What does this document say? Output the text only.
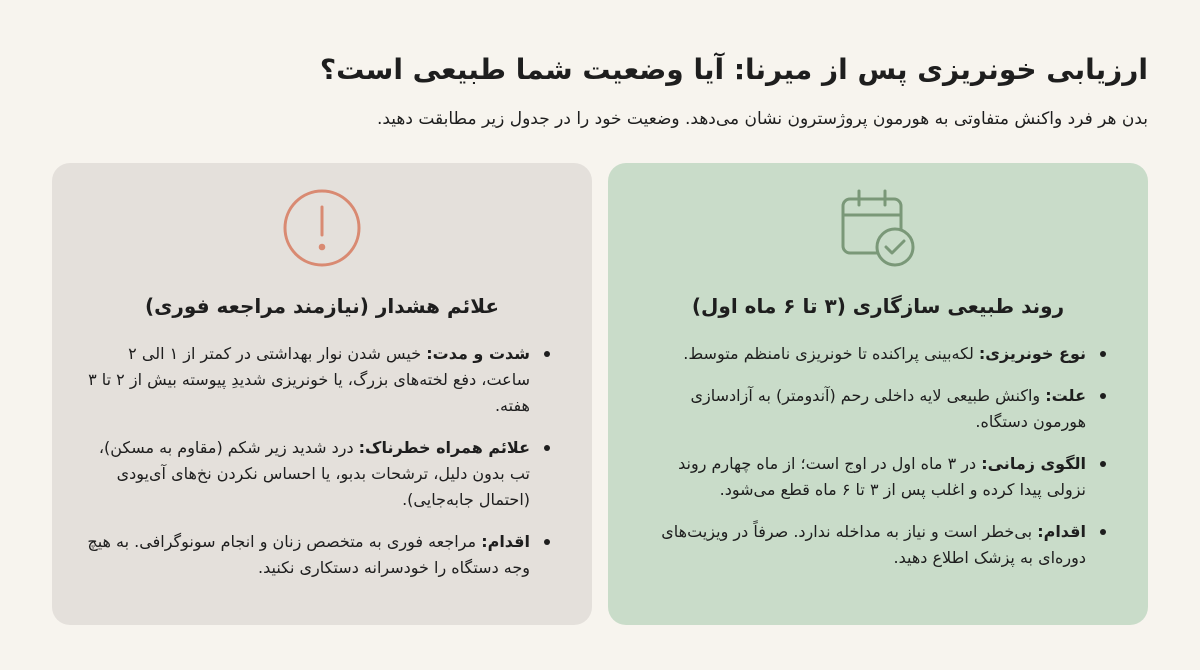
ارزیابی خونریزی پس از میرنا: آیا وضعیت شما طبیعی است؟

بدن هر فرد واکنش متفاوتی به هورمون پروژسترون نشان می‌دهد. وضعیت خود را در جدول زیر مطابقت دهید.

روند طبیعی سازگاری (۳ تا ۶ ماه اول)
نوع خونریزی: لکه‌بینی پراکنده تا خونریزی نامنظم متوسط.
علت: واکنش طبیعی لایه داخلی رحم (آندومتر) به آزادسازی هورمون دستگاه.
الگوی زمانی: در ۳ ماه اول در اوج است؛ از ماه چهارم روند نزولی پیدا کرده و اغلب پس از ۳ تا ۶ ماه قطع می‌شود.
اقدام: بی‌خطر است و نیاز به مداخله ندارد. صرفاً در ویزیت‌های دوره‌ای به پزشک اطلاع دهید.
علائم هشدار (نیازمند مراجعه فوری)
شدت و مدت: خیس شدن نوار بهداشتی در کمتر از ۱ الی ۲ ساعت، دفع لخته‌های بزرگ، یا خونریزی شدیدِ پیوسته بیش از ۲ تا ۳ هفته.
علائم همراه خطرناک: درد شدید زیر شکم (مقاوم به مسکن)، تب بدون دلیل، ترشحات بدبو، یا احساس نکردن نخ‌های آی‌یودی (احتمال جابه‌جایی).
اقدام: مراجعه فوری به متخصص زنان و انجام سونوگرافی. به هیچ وجه دستگاه را خودسرانه دستکاری نکنید.
